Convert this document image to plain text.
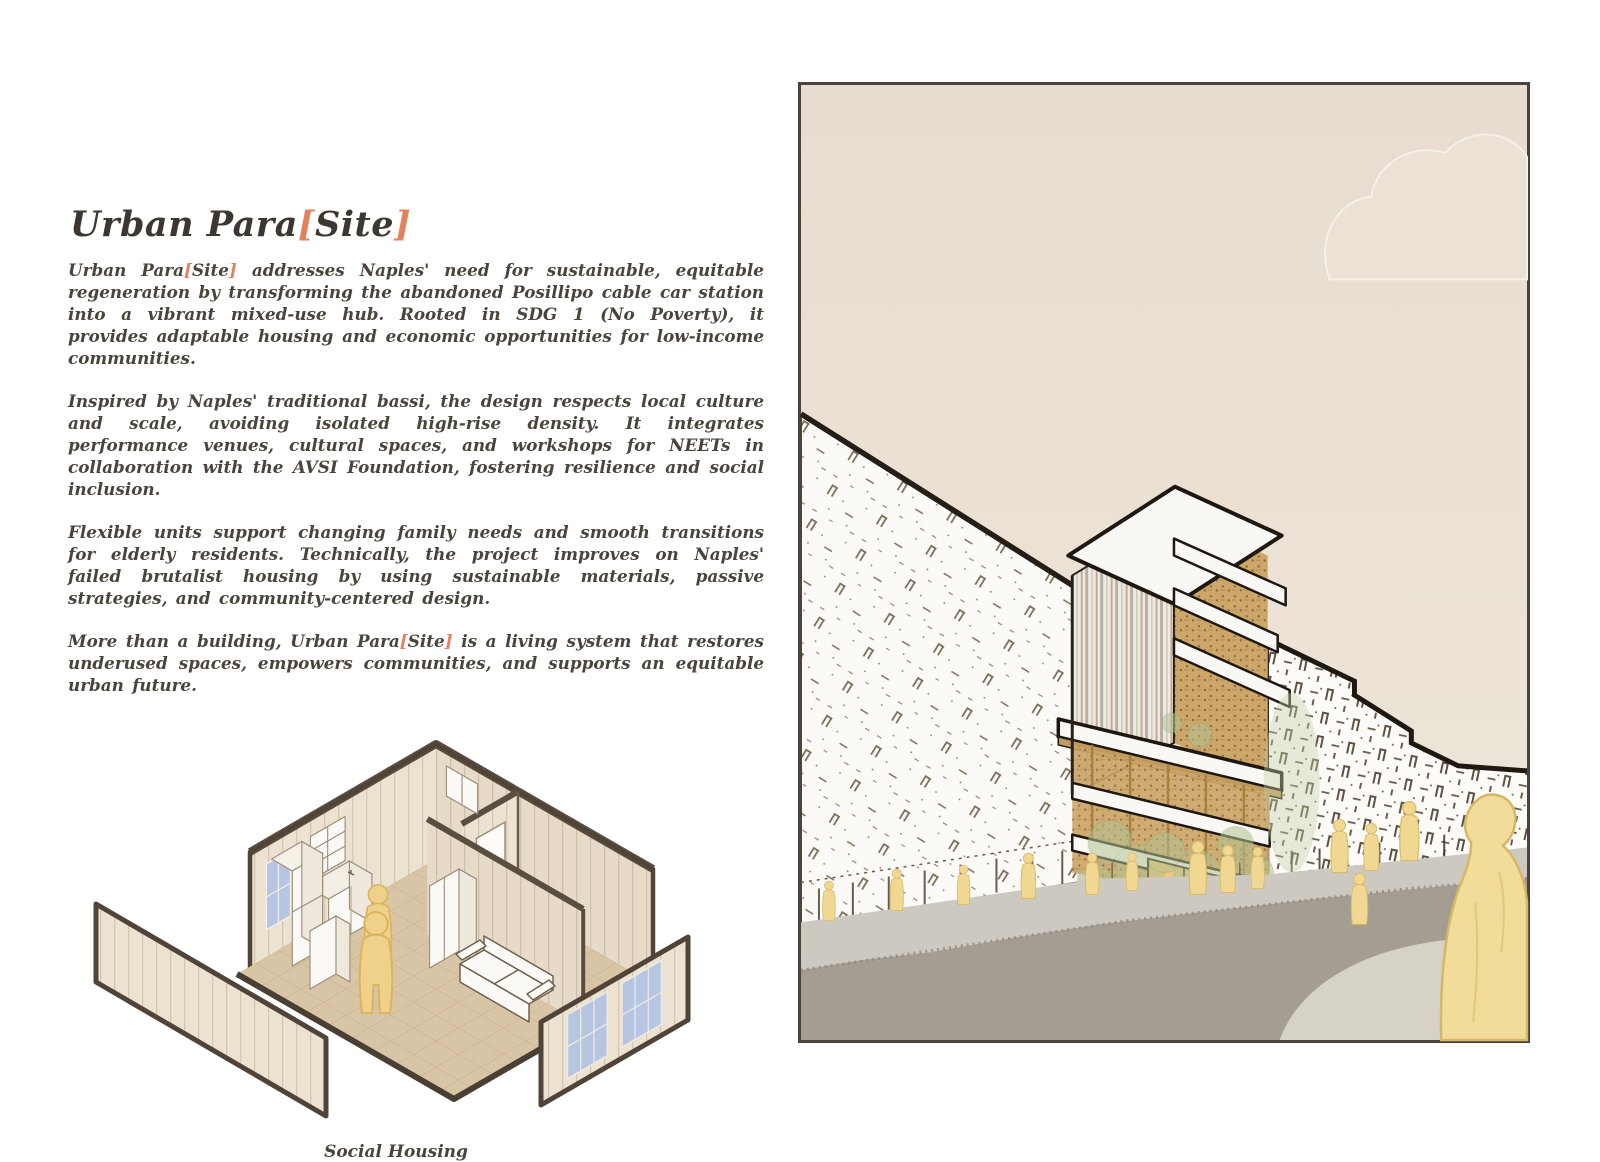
Urban Para[Site]

Urban Para[Site] addresses Naples' need for sustainable, equitable regeneration by transforming the abandoned Posillipo cable car station into a vibrant mixed-use hub. Rooted in SDG 1 (No Poverty), it provides adaptable housing and economic opportunities for low-income communities.

Inspired by Naples' traditional bassi, the design respects local culture and scale, avoiding isolated high-rise density. It integrates performance venues, cultural spaces, and workshops for NEETs in collaboration with the AVSI Foundation, fostering resilience and social inclusion.

Flexible units support changing family needs and smooth transitions for elderly residents. Technically, the project improves on Naples' failed brutalist housing by using sustainable materials, passive strategies, and community-centered design.

More than a building, Urban Para[Site] is a living system that restores underused spaces, empowers communities, and supports an equitable urban future.

Social Housing
